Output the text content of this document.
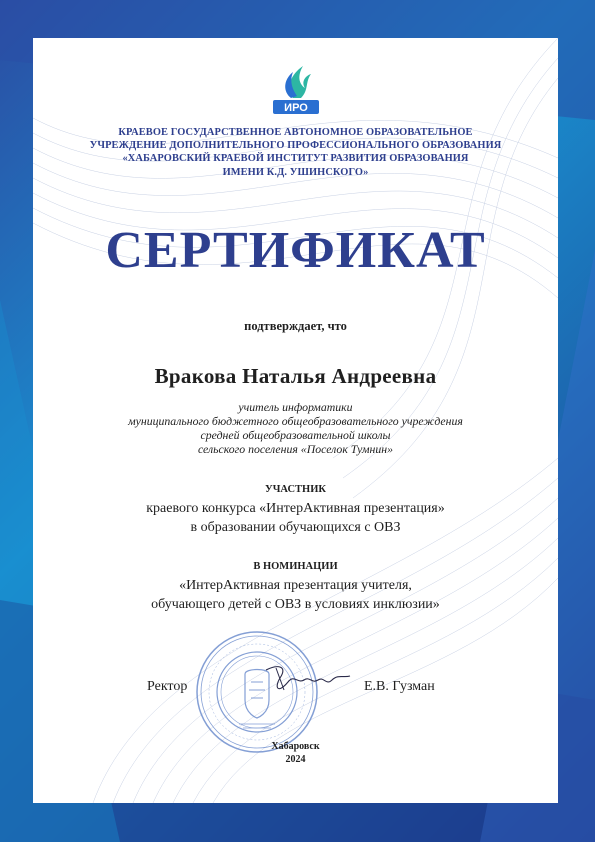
ИРО
КРАЕВОЕ ГОСУДАРСТВЕННОЕ АВТОНОМНОЕ ОБРАЗОВАТЕЛЬНОЕ
УЧРЕЖДЕНИЕ ДОПОЛНИТЕЛЬНОГО ПРОФЕССИОНАЛЬНОГО ОБРАЗОВАНИЯ
«ХАБАРОВСКИЙ КРАЕВОЙ ИНСТИТУТ РАЗВИТИЯ ОБРАЗОВАНИЯ
ИМЕНИ К.Д. УШИНСКОГО»
СЕРТИФИКАТ
подтверждает, что
Вракова Наталья Андреевна
учитель информатики
муниципального бюджетного общеобразовательного учреждения
средней общеобразовательной школы
сельского поселения «Поселок Тумнин»
УЧАСТНИК
краевого конкурса «ИнтерАктивная презентация»
в образовании обучающихся с ОВЗ
В НОМИНАЦИИ
«ИнтерАктивная презентация учителя,
обучающего детей с ОВЗ в условиях инклюзии»
Ректор	Е.В. Гузман
Хабаровск
2024
